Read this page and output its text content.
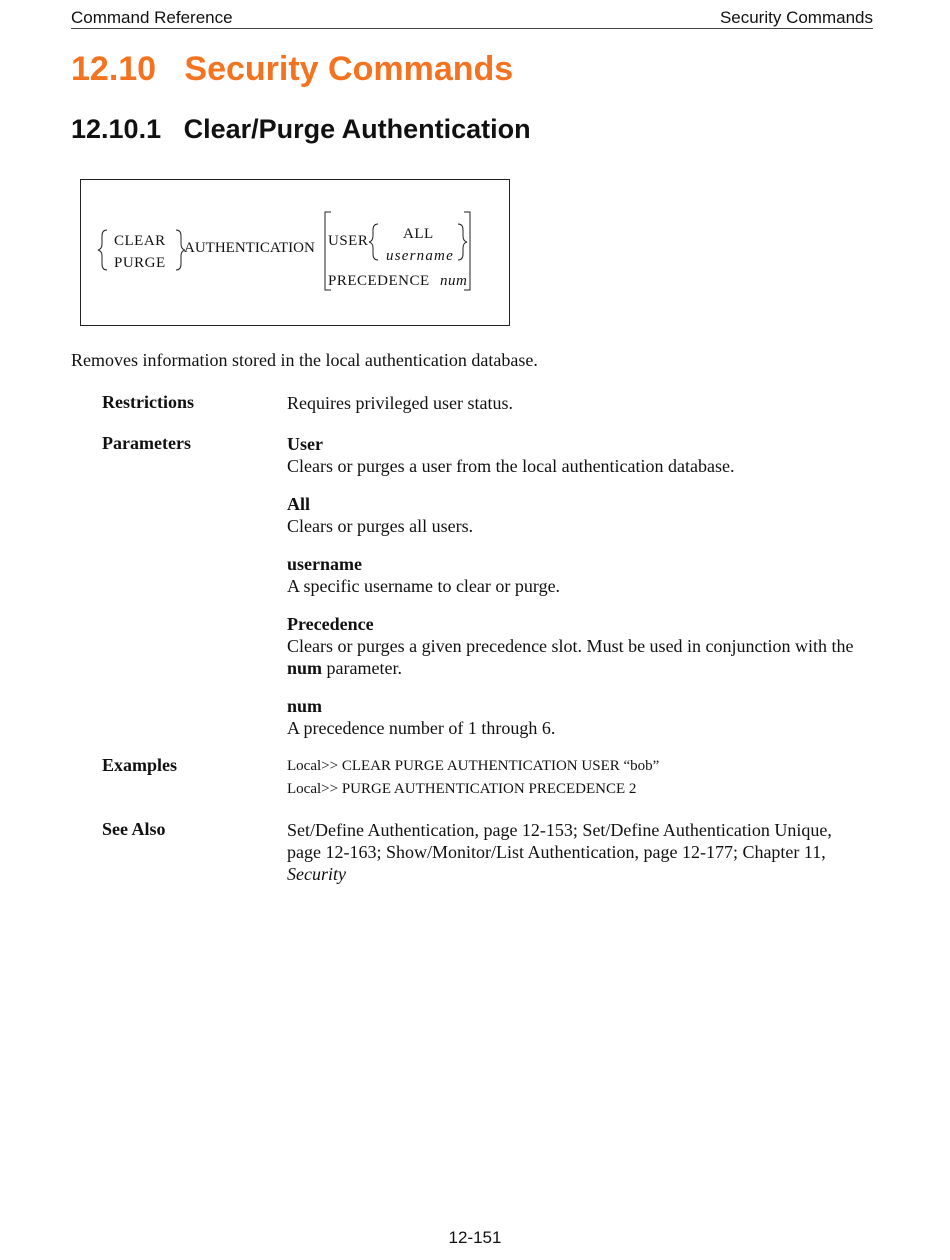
Command Reference	Security Commands
12.10   Security Commands
12.10.1   Clear/Purge Authentication
CLEAR
PURGE
AUTHENTICATION USER ALL
username
PRECEDENCE num
Removes information stored in the local authentication database.
Restrictions	Requires privileged user status.
Parameters	User
Clears or purges a user from the local authentication database.
All
Clears or purges all users.
username
A specific username to clear or purge.
Precedence
Clears or purges a given precedence slot. Must be used in conjunction with the num parameter.
num
A precedence number of 1 through 6.
Examples	Local>> CLEAR PURGE AUTHENTICATION USER “bob”
Local>> PURGE AUTHENTICATION PRECEDENCE 2
See Also	Set/Define Authentication, page 12-153; Set/Define Authentication Unique, page 12-163; Show/Monitor/List Authentication, page 12-177; Chapter 11, Security
12-151
